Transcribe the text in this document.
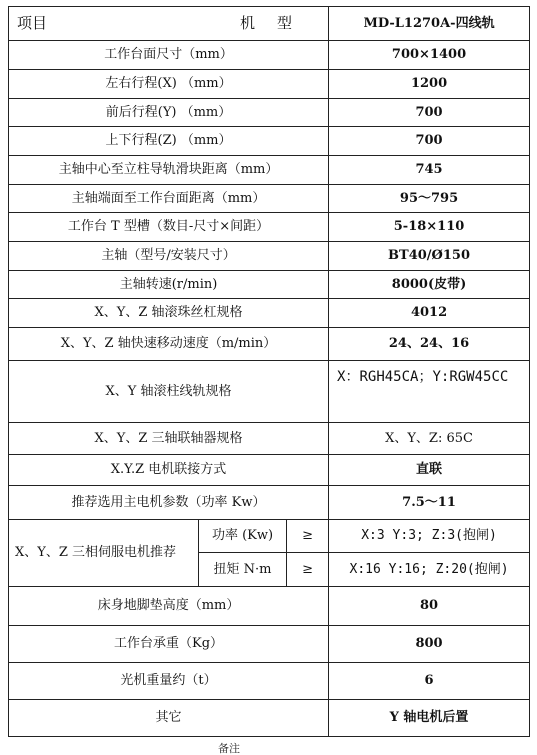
项目 机型			MD-L1270A-四线轨
工作台面尺寸（mm）			700×1400
左右行程(X) （mm）			1200
前后行程(Y) （mm）			700
上下行程(Z) （mm）			700
主轴中心至立柱导轨滑块距离（mm）			745
主轴端面至工作台面距离（mm）			95～795
工作台 T 型槽（数目-尺寸×间距）			5-18×110
主轴（型号/安装尺寸）			BT40/Ø150
主轴转速(r/min)			8000(皮带)
X、Y、Z 轴滚珠丝杠规格			4012
X、Y、Z 轴快速移动速度（m/min）			24、24、16
X、Y 轴滚柱线轨规格			X：RGH45CA；Y:RGW45CC
X、Y、Z 三轴联轴器规格			X、Y、Z: 65C
X.Y.Z 电机联接方式			直联
推荐选用主电机参数（功率 Kw）			7.5～11
X、Y、Z 三相伺服电机推荐	功率 (Kw)	≥	X:3 Y:3; Z:3(抱闸)
	扭矩 N·m	≥	X:16 Y:16; Z:20(抱闸)
床身地脚垫高度（mm）			80
工作台承重（Kg）			800
光机重量约（t）			6
其它			Y 轴电机后置
备注
